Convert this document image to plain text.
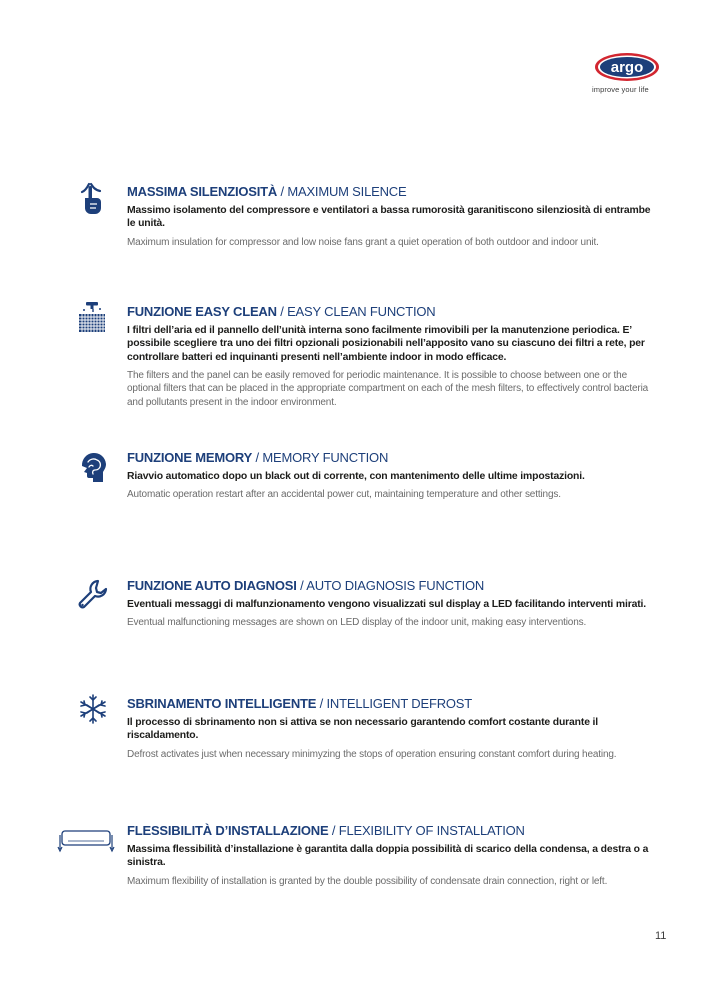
argo
improve your life
MASSIMA SILENZIOSITÀ / MAXIMUM SILENCE
Massimo isolamento del compressore e ventilatori a bassa rumorosità garanitiscono silenziosità di entrambe le unità.
Maximum insulation for compressor and low noise fans grant a quiet operation of both outdoor and indoor unit.
FUNZIONE EASY CLEAN / EASY CLEAN FUNCTION
I filtri dell’aria ed il pannello dell’unità interna sono facilmente rimovibili per la manutenzione periodica. E’ possibile scegliere tra uno dei filtri opzionali posizionabili nell’apposito vano su ciascuno dei filtri a rete, per controllare batteri ed inquinanti presenti nell’ambiente indoor in modo efficace.
The filters and the panel can be easily removed for periodic maintenance. It is possible to choose between one or the optional filters that can be placed in the appropriate compartment on each of the mesh filters, to effectively control bacteria and pollutants present in the indoor environment.
FUNZIONE MEMORY / MEMORY FUNCTION
Riavvio automatico dopo un black out di corrente, con mantenimento delle ultime impostazioni.
Automatic operation restart after an accidental power cut, maintaining temperature and other settings.
FUNZIONE AUTO DIAGNOSI / AUTO DIAGNOSIS FUNCTION
Eventuali messaggi di malfunzionamento vengono visualizzati sul display a LED facilitando interventi mirati.
Eventual malfunctioning messages are shown on LED display of the indoor unit, making easy interventions.
SBRINAMENTO INTELLIGENTE / INTELLIGENT DEFROST
Il processo di sbrinamento non si attiva se non necessario garantendo comfort costante durante il riscaldamento.
Defrost activates just when necessary minimyzing the stops of operation ensuring constant comfort during heating.
FLESSIBILITÀ D’INSTALLAZIONE / FLEXIBILITY OF INSTALLATION
Massima flessibilità d’installazione è garantita dalla doppia possibilità di scarico della condensa, a destra o a sinistra.
Maximum flexibility of installation is granted by the double possibility of condensate drain connection, right or left.
11
